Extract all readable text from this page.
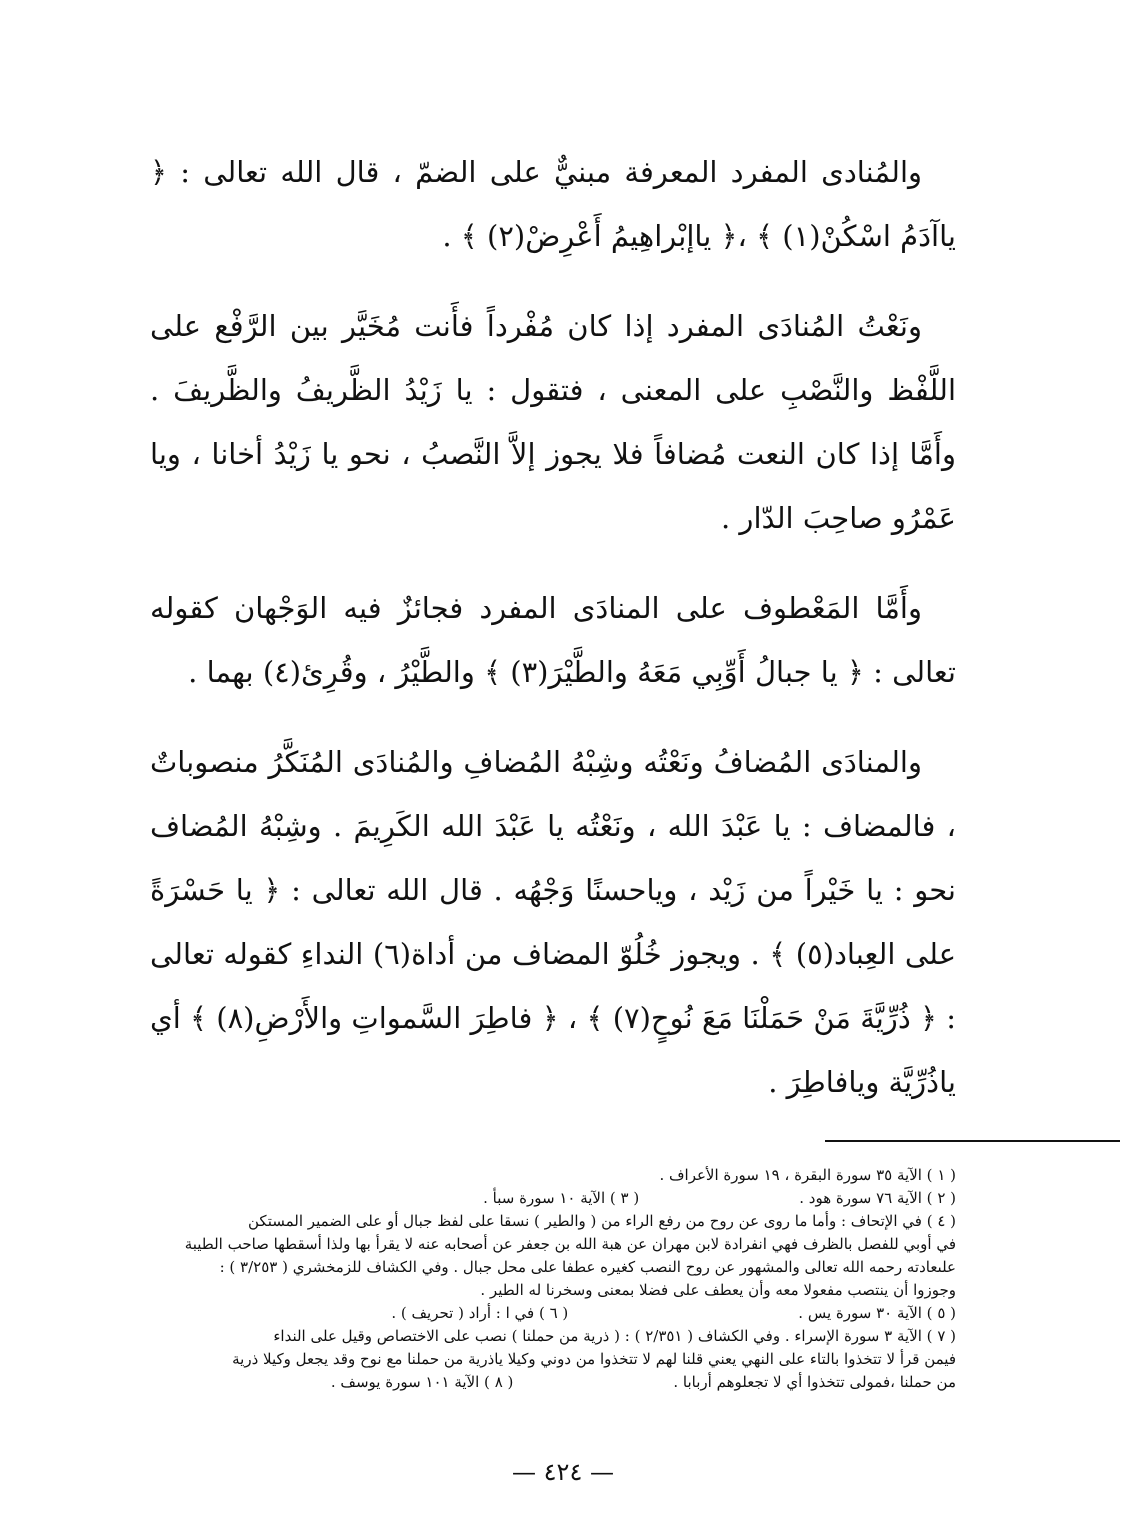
والمُنادى المفرد المعرفة مبنيٌّ على الضمّ ، قال الله تعالى : ﴿ ياآدَمُ اسْكُنْ(١) ﴾ ،﴿ ياإبْراهِيمُ أَعْرِضْ(٢) ﴾ .

ونَعْتُ المُنادَى المفرد إذا كان مُفْرداً فأَنت مُخَيَّر بين الرَّفْع على اللَّفْظ والنَّصْبِ على المعنى ، فتقول : يا زَيْدُ الظَّريفُ والظَّريفَ . وأَمَّا إذا كان النعت مُضافاً فلا يجوز إلاَّ النَّصبُ ، نحو يا زَيْدُ أخانا ، ويا عَمْرُو صاحِبَ الدّار .

وأَمَّا المَعْطوف على المنادَى المفرد فجائزٌ فيه الوَجْهان كقوله تعالى : ﴿ يا جبالُ أَوِّبِي مَعَهُ والطَّيْرَ(٣) ﴾ والطَّيْرُ ، وقُرِئ(٤) بهما .

والمنادَى المُضافُ ونَعْتُه وشِبْهُ المُضافِ والمُنادَى المُنَكَّرُ منصوباتٌ ، فالمضاف : يا عَبْدَ الله ، ونَعْتُه يا عَبْدَ الله الكَرِيمَ . وشِبْهُ المُضاف نحو : يا خَيْراً من زَيْد ، وياحسنًا وَجْهُه . قال الله تعالى : ﴿ يا حَسْرَةً على العِباد(٥) ﴾ . ويجوز خُلُوّ المضاف من أداة(٦) النداءِ كقوله تعالى : ﴿ ذُرِّيَّةَ مَنْ حَمَلْنَا مَعَ نُوحٍ(٧) ﴾ ، ﴿ فاطِرَ السَّمواتِ والأَرْضِ(٨) ﴾ أي ياذُرِّيَّة ويافاطِرَ .

( ١ ) الآية ٣٥ سورة البقرة ، ١٩ سورة الأعراف .

( ٢ ) الآية ٧٦ سورة هود .
( ٣ ) الآية ١٠ سورة سبأ .

( ٤ ) في الإتحاف : وأما ما روى عن روح من رفع الراء من ( والطير ) نسقا على لفظ جبال أو على الضمير المستكن

في أوبي للفصل بالظرف فهي انفرادة لابن مهران عن هبة الله بن جعفر عن أصحابه عنه لا يقرأ بها ولذا أسقطها صاحب الطيبة

علىعادته رحمه الله تعالى والمشهور عن روح النصب كغيره عطفا على محل جبال . وفي الكشاف للزمخشري ( ٣/٢٥٣ ) :

وجوزوا أن ينتصب مفعولا معه وأن يعطف على فضلا بمعنى وسخرنا له الطير .

( ٥ ) الآية ٣٠ سورة يس .
( ٦ ) في ا : أراد ( تحريف ) .

( ٧ ) الآية ٣ سورة الإسراء . وفي الكشاف ( ٢/٣٥١ ) : ( ذرية من حملنا ) نصب على الاختصاص وقيل على النداء

فيمن قرأ لا تتخذوا بالتاء على النهي يعني قلنا لهم لا تتخذوا من دوني وكيلا ياذرية من حملنا مع نوح وقد يجعل وكيلا ذرية

من حملنا ،فمولى تتخذوا أي لا تجعلوهم أربابا .
( ٨ ) الآية ١٠١ سورة يوسف .
— ٤٢٤ —
